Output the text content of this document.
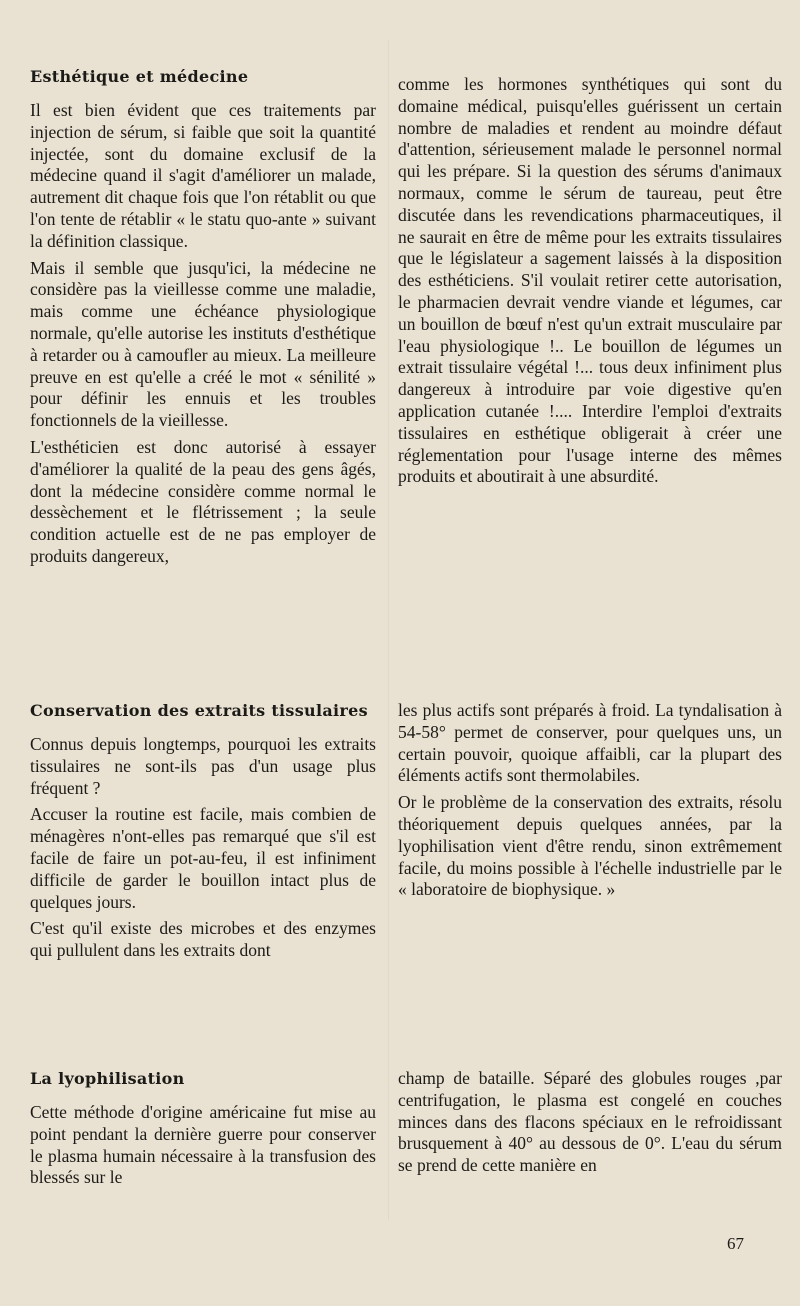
Esthétique et médecine

Il est bien évident que ces traitements par injection de sérum, si faible que soit la quantité injectée, sont du domaine exclusif de la médecine quand il s'agit d'améliorer un malade, autrement dit chaque fois que l'on rétablit ou que l'on tente de rétablir « le statu quo-ante » suivant la définition classique.

Mais il semble que jusqu'ici, la médecine ne considère pas la vieillesse comme une maladie, mais comme une échéance physiologique normale, qu'elle autorise les instituts d'esthétique à retarder ou à camoufler au mieux. La meilleure preuve en est qu'elle a créé le mot « sénilité » pour définir les ennuis et les troubles fonctionnels de la vieillesse.

L'esthéticien est donc autorisé à essayer d'améliorer la qualité de la peau des gens âgés, dont la médecine considère comme normal le dessèchement et le flétrissement ; la seule condition actuelle est de ne pas employer de produits dangereux,

comme les hormones synthétiques qui sont du domaine médical, puisqu'elles guérissent un certain nombre de maladies et rendent au moindre défaut d'attention, sérieusement malade le personnel normal qui les prépare. Si la question des sérums d'animaux normaux, comme le sérum de taureau, peut être discutée dans les revendications pharmaceutiques, il ne saurait en être de même pour les extraits tissulaires que le législateur a sagement laissés à la disposition des esthéticiens. S'il voulait retirer cette autorisation, le pharmacien devrait vendre viande et légumes, car un bouillon de bœuf n'est qu'un extrait musculaire par l'eau physiologique !.. Le bouillon de légumes un extrait tissulaire végétal !... tous deux infiniment plus dangereux à introduire par voie digestive qu'en application cutanée !.... Interdire l'emploi d'extraits tissulaires en esthétique obligerait à créer une réglementation pour l'usage interne des mêmes produits et aboutirait à une absurdité.

Conservation des extraits tissulaires

Connus depuis longtemps, pourquoi les extraits tissulaires ne sont-ils pas d'un usage plus fréquent ?

Accuser la routine est facile, mais combien de ménagères n'ont-elles pas remarqué que s'il est facile de faire un pot-au-feu, il est infiniment difficile de garder le bouillon intact plus de quelques jours.

C'est qu'il existe des microbes et des enzymes qui pullulent dans les extraits dont

les plus actifs sont préparés à froid. La tyndalisation à 54-58° permet de conserver, pour quelques uns, un certain pouvoir, quoique affaibli, car la plupart des éléments actifs sont thermolabiles.

Or le problème de la conservation des extraits, résolu théoriquement depuis quelques années, par la lyophilisation vient d'être rendu, sinon extrêmement facile, du moins possible à l'échelle industrielle par le « laboratoire de biophysique. »

La lyophilisation

Cette méthode d'origine américaine fut mise au point pendant la dernière guerre pour conserver le plasma humain nécessaire à la transfusion des blessés sur le

champ de bataille. Séparé des globules rouges ,par centrifugation, le plasma est congelé en couches minces dans des flacons spéciaux en le refroidissant brusquement à 40° au dessous de 0°. L'eau du sérum se prend de cette manière en

67
